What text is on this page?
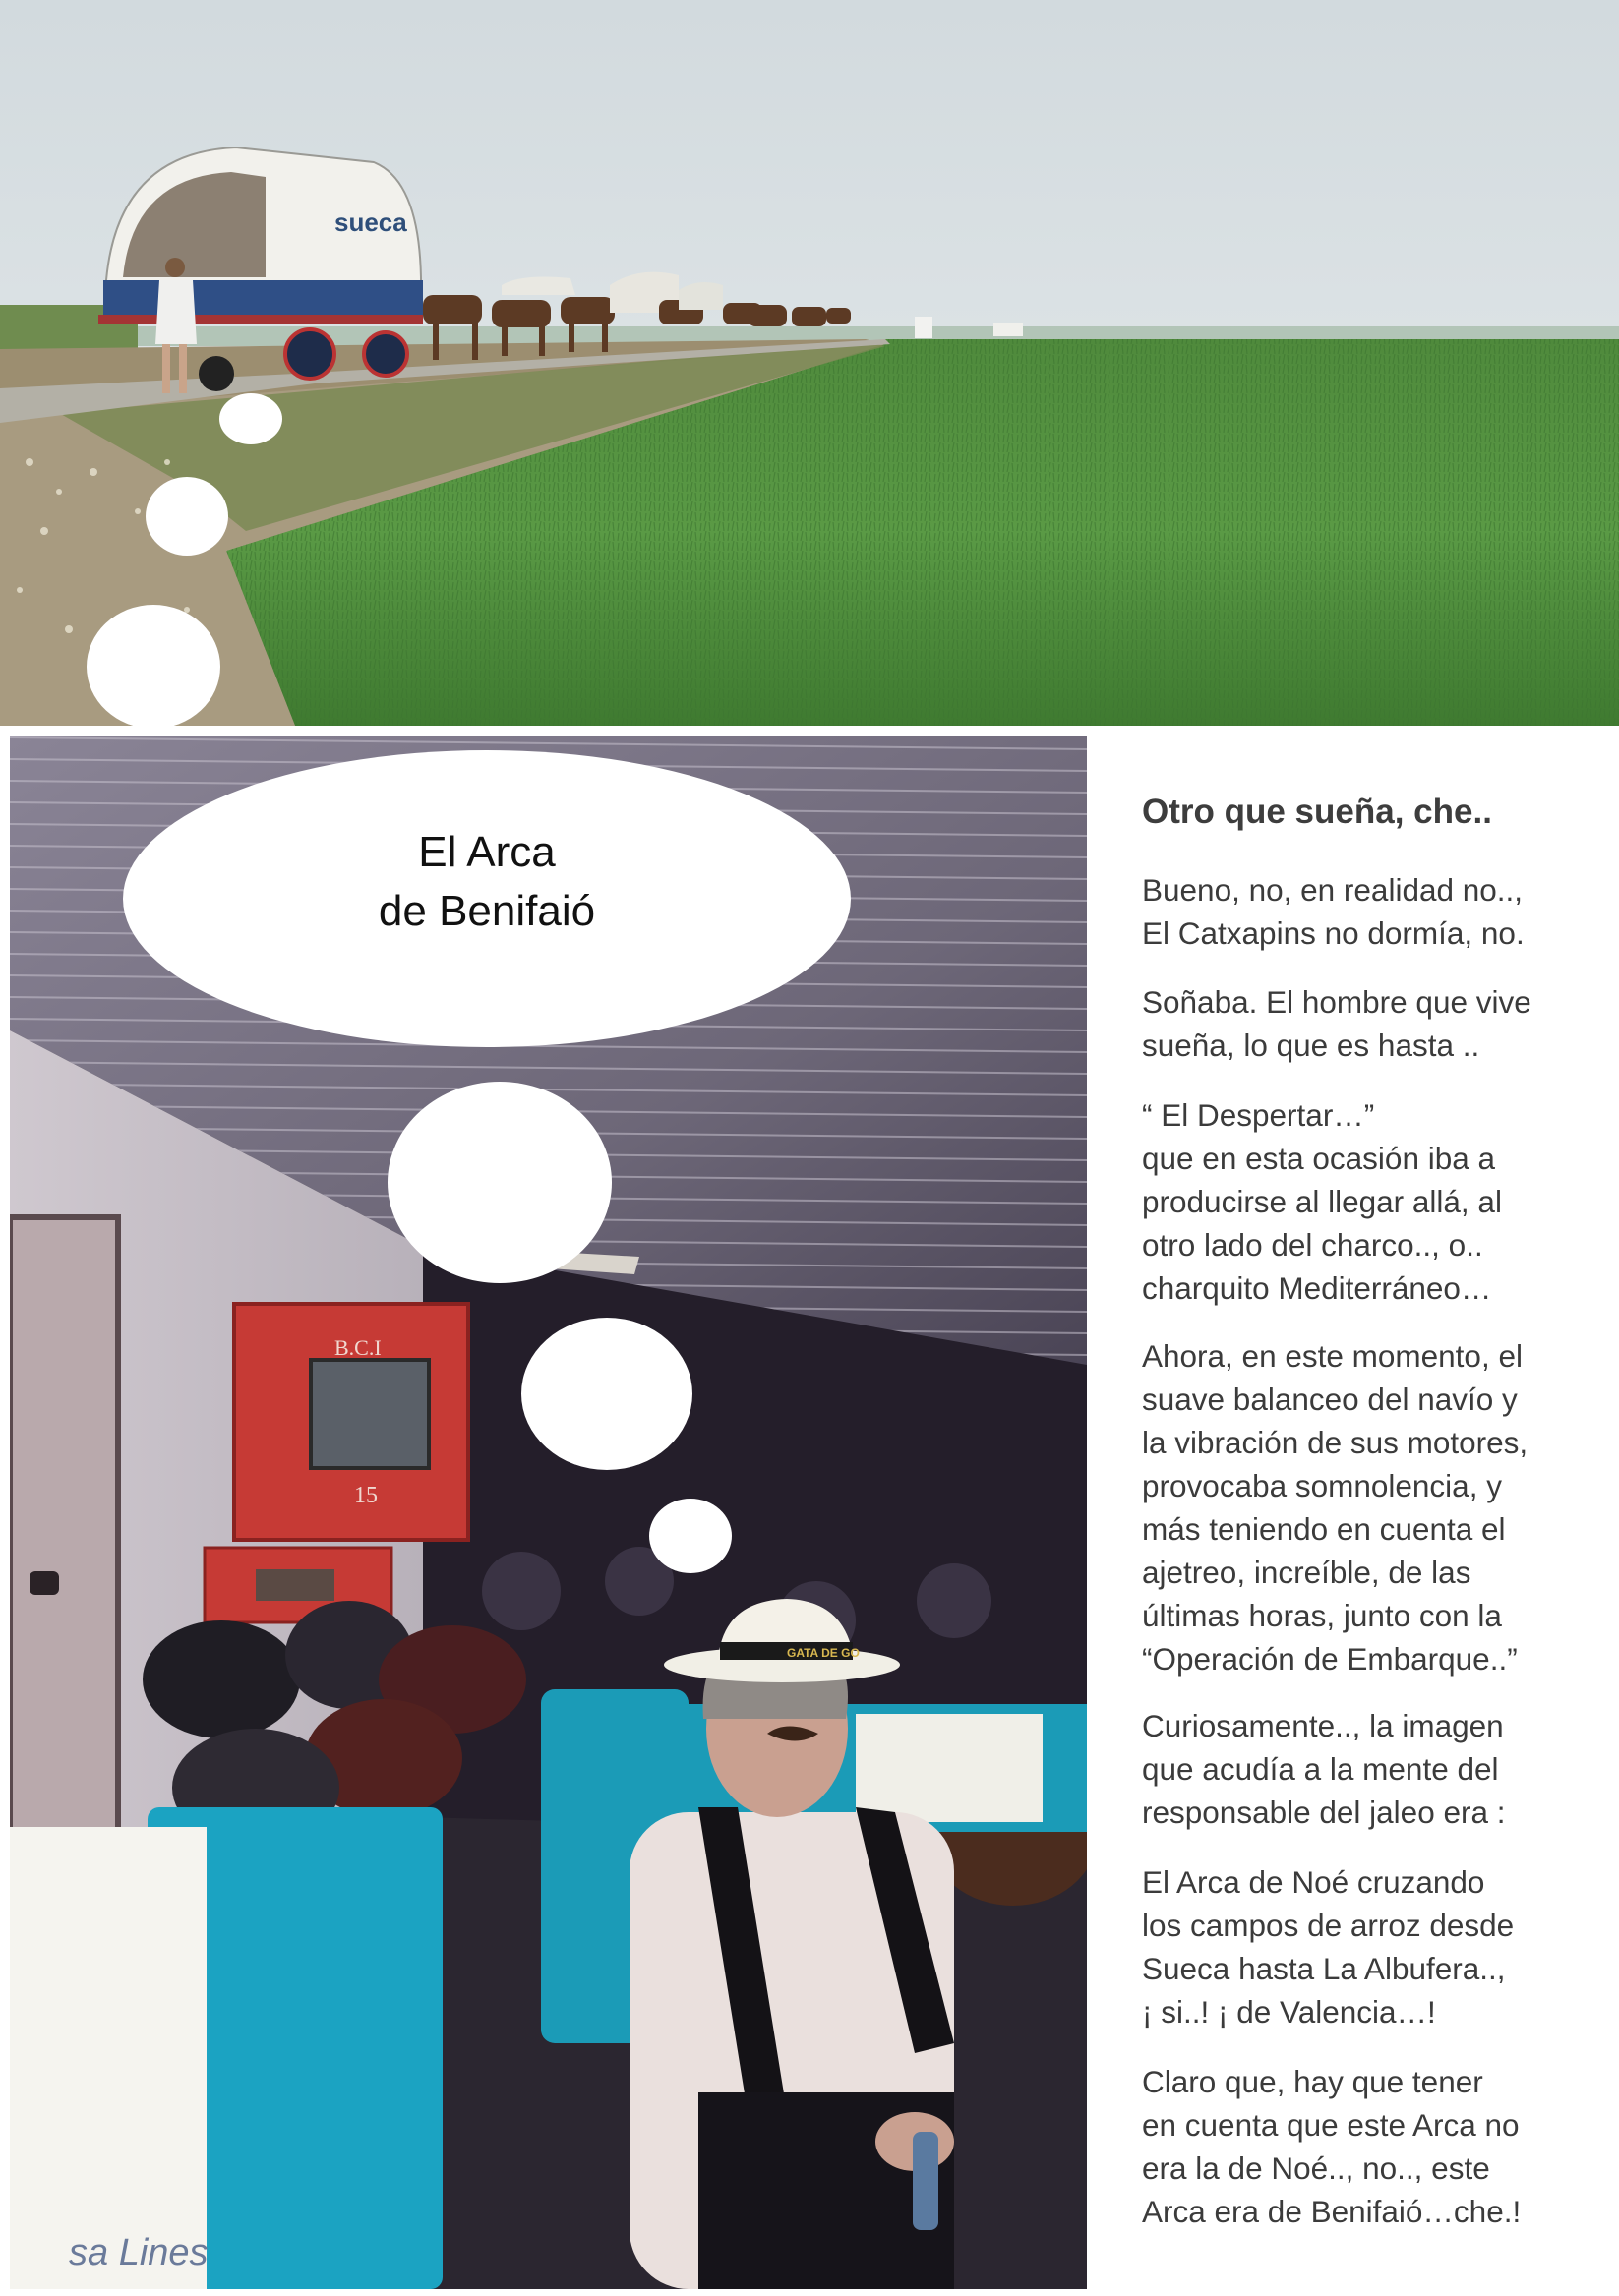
sueca
B.C.I
15
sa Lines
GATA DE GO
El Arca
de Benifaió
Otro que sueña, che..

Bueno, no, en realidad no..,
El Catxapins no dormía, no.

Soñaba. El hombre que vive
sueña, lo que es hasta ..

“ El Despertar…”
que en esta ocasión iba a
producirse al llegar allá, al
otro lado del charco.., o..
charquito Mediterráneo…

Ahora, en este momento, el
suave balanceo del navío y
la vibración de sus motores,
provocaba somnolencia, y
más teniendo en cuenta el
ajetreo, increíble, de las
últimas horas, junto con la
“Operación de Embarque..”

Curiosamente.., la imagen
que acudía a la mente del
responsable del jaleo era :

El Arca de Noé cruzando
los campos de arroz desde
Sueca hasta La Albufera..,
¡ si..! ¡ de Valencia…!

Claro que, hay que tener
en cuenta que este Arca no
era la de Noé.., no.., este
Arca era de Benifaió…che.!
